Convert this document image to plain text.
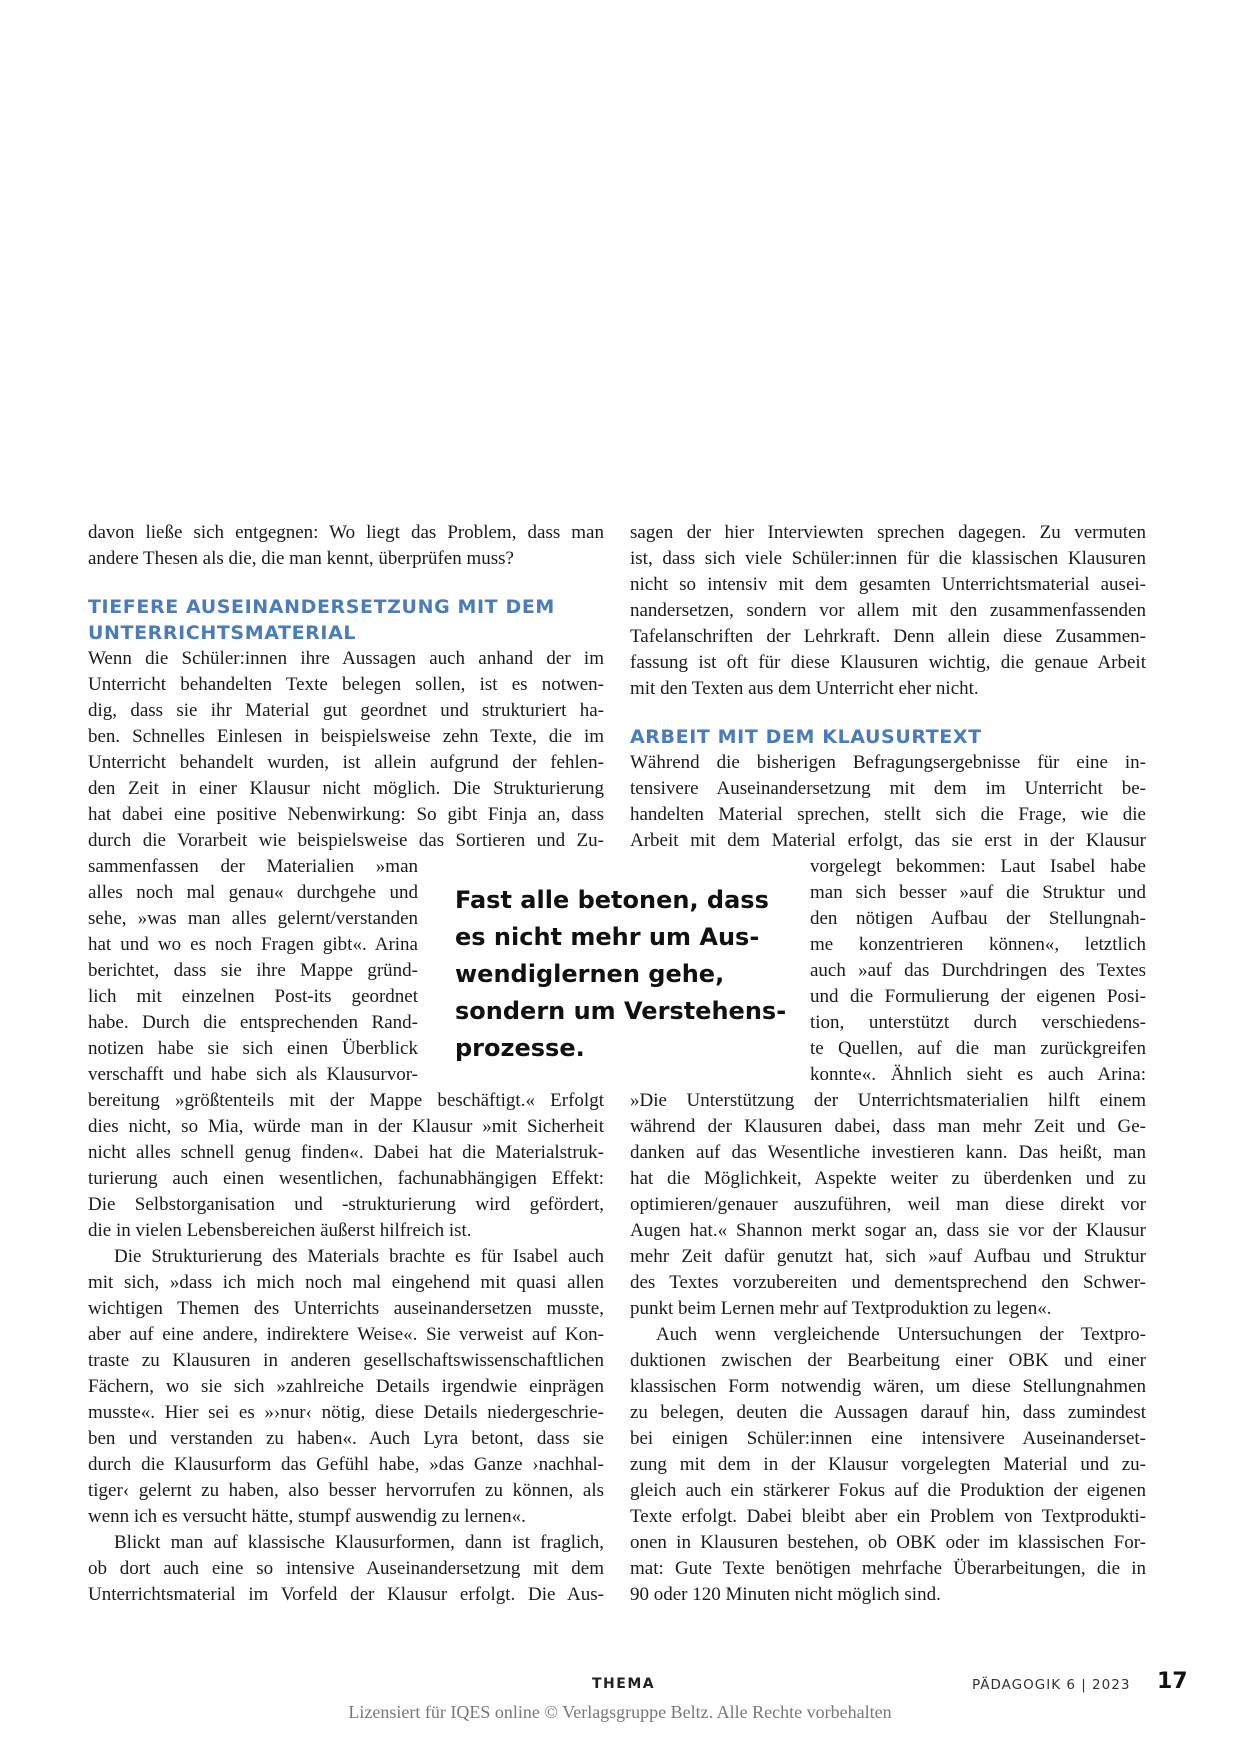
davon ließe sich entgegnen: Wo liegt das Problem, dass man
andere Thesen als die, die man kennt, überprüfen muss?
TIEFERE AUSEINANDERSETZUNG MIT DEM
UNTERRICHTSMATERIAL
Wenn die Schüler:innen ihre Aussagen auch anhand der im
Unterricht behandelten Texte belegen sollen, ist es notwen-
dig, dass sie ihr Material gut geordnet und strukturiert ha-
ben. Schnelles Einlesen in beispielsweise zehn Texte, die im
Unterricht behandelt wurden, ist allein aufgrund der fehlen-
den Zeit in einer Klausur nicht möglich. Die Strukturierung
hat dabei eine positive Nebenwirkung: So gibt Finja an, dass
durch die Vorarbeit wie beispielsweise das Sortieren und Zu-
sammenfassen der Materialien »man
alles noch mal genau« durchgehe und
sehe, »was man alles gelernt/verstanden
hat und wo es noch Fragen gibt«. Arina
berichtet, dass sie ihre Mappe gründ-
lich mit einzelnen Post-its geordnet
habe. Durch die entsprechenden Rand-
notizen habe sie sich einen Überblick
verschafft und habe sich als Klausurvor-
bereitung »größtenteils mit der Mappe beschäftigt.« Erfolgt
dies nicht, so Mia, würde man in der Klausur »mit Sicherheit
nicht alles schnell genug finden«. Dabei hat die Materialstruk-
turierung auch einen wesentlichen, fachunabhängigen Effekt:
Die Selbstorganisation und -strukturierung wird gefördert,
die in vielen Lebensbereichen äußerst hilfreich ist.
Die Strukturierung des Materials brachte es für Isabel auch
mit sich, »dass ich mich noch mal eingehend mit quasi allen
wichtigen Themen des Unterrichts auseinandersetzen musste,
aber auf eine andere, indirektere Weise«. Sie verweist auf Kon-
traste zu Klausuren in anderen gesellschaftswissenschaftlichen
Fächern, wo sie sich »zahlreiche Details irgendwie einprägen
musste«. Hier sei es »›nur‹ nötig, diese Details niedergeschrie-
ben und verstanden zu haben«. Auch Lyra betont, dass sie
durch die Klausurform das Gefühl habe, »das Ganze ›nachhal-
tiger‹ gelernt zu haben, also besser hervorrufen zu können, als
wenn ich es versucht hätte, stumpf auswendig zu lernen«.
Blickt man auf klassische Klausurformen, dann ist fraglich,
ob dort auch eine so intensive Auseinandersetzung mit dem
Unterrichtsmaterial im Vorfeld der Klausur erfolgt. Die Aus-
sagen der hier Interviewten sprechen dagegen. Zu vermuten
ist, dass sich viele Schüler:innen für die klassischen Klausuren
nicht so intensiv mit dem gesamten Unterrichtsmaterial ausei-
nandersetzen, sondern vor allem mit den zusammenfassenden
Tafelanschriften der Lehrkraft. Denn allein diese Zusammen-
fassung ist oft für diese Klausuren wichtig, die genaue Arbeit
mit den Texten aus dem Unterricht eher nicht.
ARBEIT MIT DEM KLAUSURTEXT
Während die bisherigen Befragungsergebnisse für eine in-
tensivere Auseinandersetzung mit dem im Unterricht be-
handelten Material sprechen, stellt sich die Frage, wie die
Arbeit mit dem Material erfolgt, das sie erst in der Klausur
vorgelegt bekommen: Laut Isabel habe
man sich besser »auf die Struktur und
den nötigen Aufbau der Stellungnah-
me konzentrieren können«, letztlich
auch »auf das Durchdringen des Textes
und die Formulierung der eigenen Posi-
tion, unterstützt durch verschiedens-
te Quellen, auf die man zurückgreifen
konnte«. Ähnlich sieht es auch Arina:
»Die Unterstützung der Unterrichtsmaterialien hilft einem
während der Klausuren dabei, dass man mehr Zeit und Ge-
danken auf das Wesentliche investieren kann. Das heißt, man
hat die Möglichkeit, Aspekte weiter zu überdenken und zu
optimieren/genauer auszuführen, weil man diese direkt vor
Augen hat.« Shannon merkt sogar an, dass sie vor der Klausur
mehr Zeit dafür genutzt hat, sich »auf Aufbau und Struktur
des Textes vorzubereiten und dementsprechend den Schwer-
punkt beim Lernen mehr auf Textproduktion zu legen«.
Auch wenn vergleichende Untersuchungen der Textpro-
duktionen zwischen der Bearbeitung einer OBK und einer
klassischen Form notwendig wären, um diese Stellungnahmen
zu belegen, deuten die Aussagen darauf hin, dass zumindest
bei einigen Schüler:innen eine intensivere Auseinanderset-
zung mit dem in der Klausur vorgelegten Material und zu-
gleich auch ein stärkerer Fokus auf die Produktion der eigenen
Texte erfolgt. Dabei bleibt aber ein Problem von Textprodukti-
onen in Klausuren bestehen, ob OBK oder im klassischen For-
mat: Gute Texte benötigen mehrfache Überarbeitungen, die in
90 oder 120 Minuten nicht möglich sind.
Fast alle betonen, dass
es nicht mehr um Aus-
wendiglernen gehe,
sondern um Verstehens-
prozesse.
THEMA	PÄDAGOGIK 6 | 2023 17
Lizensiert für IQES online © Verlagsgruppe Beltz. Alle Rechte vorbehalten
